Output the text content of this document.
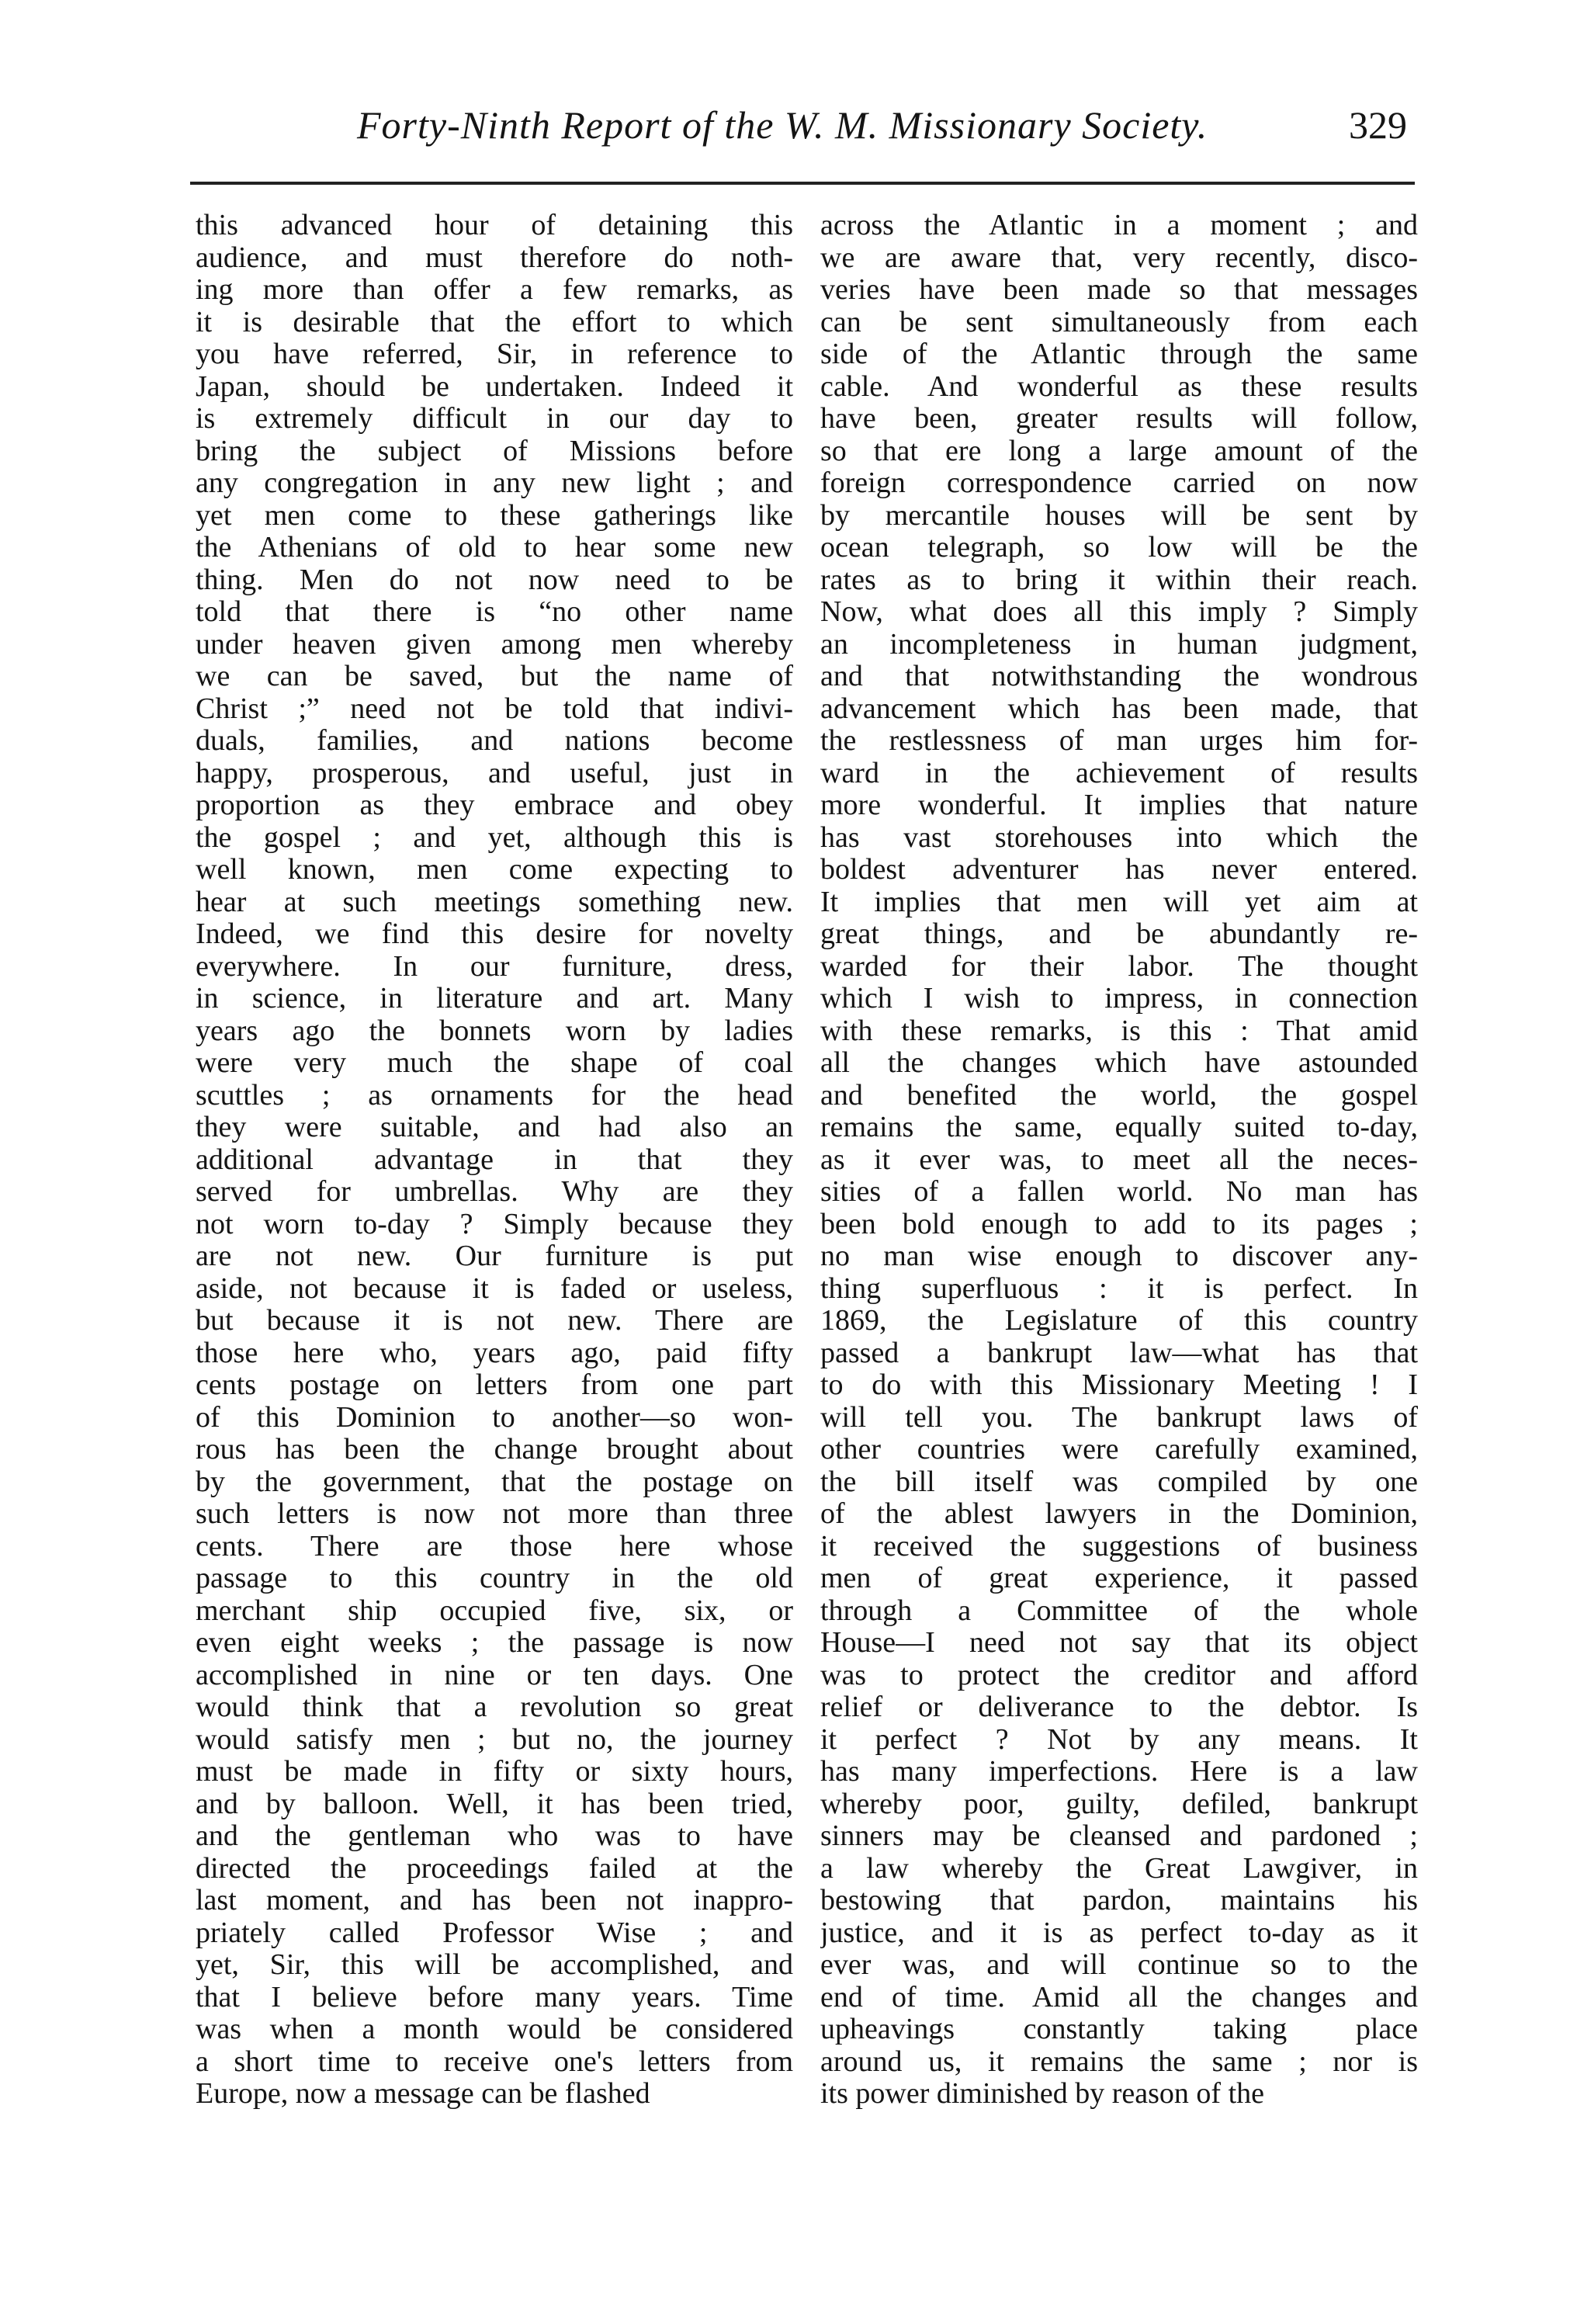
Forty-Ninth Report of the W. M. Missionary Society.	329
this advanced hour of detaining this
audience, and must therefore do noth-
ing more than offer a few remarks, as
it is desirable that the effort to which
you have referred, Sir, in reference to
Japan, should be undertaken. Indeed it
is extremely difficult in our day to
bring the subject of Missions before
any congregation in any new light ; and
yet men come to these gatherings like
the Athenians of old to hear some new
thing. Men do not now need to be
told that there is “no other name
under heaven given among men whereby
we can be saved, but the name of
Christ ;” need not be told that indivi-
duals, families, and nations become
happy, prosperous, and useful, just in
proportion as they embrace and obey
the gospel ; and yet, although this is
well known, men come expecting to
hear at such meetings something new.
Indeed, we find this desire for novelty
everywhere. In our furniture, dress,
in science, in literature and art. Many
years ago the bonnets worn by ladies
were very much the shape of coal
scuttles ; as ornaments for the head
they were suitable, and had also an
additional advantage in that they
served for umbrellas. Why are they
not worn to-day ? Simply because they
are not new. Our furniture is put
aside, not because it is faded or useless,
but because it is not new. There are
those here who, years ago, paid fifty
cents postage on letters from one part
of this Dominion to another—so won-
rous has been the change brought about
by the government, that the postage on
such letters is now not more than three
cents. There are those here whose
passage to this country in the old
merchant ship occupied five, six, or
even eight weeks ; the passage is now
accomplished in nine or ten days. One
would think that a revolution so great
would satisfy men ; but no, the journey
must be made in fifty or sixty hours,
and by balloon. Well, it has been tried,
and the gentleman who was to have
directed the proceedings failed at the
last moment, and has been not inappro-
priately called Professor Wise ; and
yet, Sir, this will be accomplished, and
that I believe before many years. Time
was when a month would be considered
a short time to receive one's letters from
Europe, now a message can be flashed
across the Atlantic in a moment ; and
we are aware that, very recently, disco-
veries have been made so that messages
can be sent simultaneously from each
side of the Atlantic through the same
cable. And wonderful as these results
have been, greater results will follow,
so that ere long a large amount of the
foreign correspondence carried on now
by mercantile houses will be sent by
ocean telegraph, so low will be the
rates as to bring it within their reach.
Now, what does all this imply ? Simply
an incompleteness in human judgment,
and that notwithstanding the wondrous
advancement which has been made, that
the restlessness of man urges him for-
ward in the achievement of results
more wonderful. It implies that nature
has vast storehouses into which the
boldest adventurer has never entered.
It implies that men will yet aim at
great things, and be abundantly re-
warded for their labor. The thought
which I wish to impress, in connection
with these remarks, is this : That amid
all the changes which have astounded
and benefited the world, the gospel
remains the same, equally suited to-day,
as it ever was, to meet all the neces-
sities of a fallen world. No man has
been bold enough to add to its pages ;
no man wise enough to discover any-
thing superfluous : it is perfect. In
1869, the Legislature of this country
passed a bankrupt law—what has that
to do with this Missionary Meeting ! I
will tell you. The bankrupt laws of
other countries were carefully examined,
the bill itself was compiled by one
of the ablest lawyers in the Dominion,
it received the suggestions of business
men of great experience, it passed
through a Committee of the whole
House—I need not say that its object
was to protect the creditor and afford
relief or deliverance to the debtor. Is
it perfect ? Not by any means. It
has many imperfections. Here is a law
whereby poor, guilty, defiled, bankrupt
sinners may be cleansed and pardoned ;
a law whereby the Great Lawgiver, in
bestowing that pardon, maintains his
justice, and it is as perfect to-day as it
ever was, and will continue so to the
end of time. Amid all the changes and
upheavings constantly taking place
around us, it remains the same ; nor is
its power diminished by reason of the
